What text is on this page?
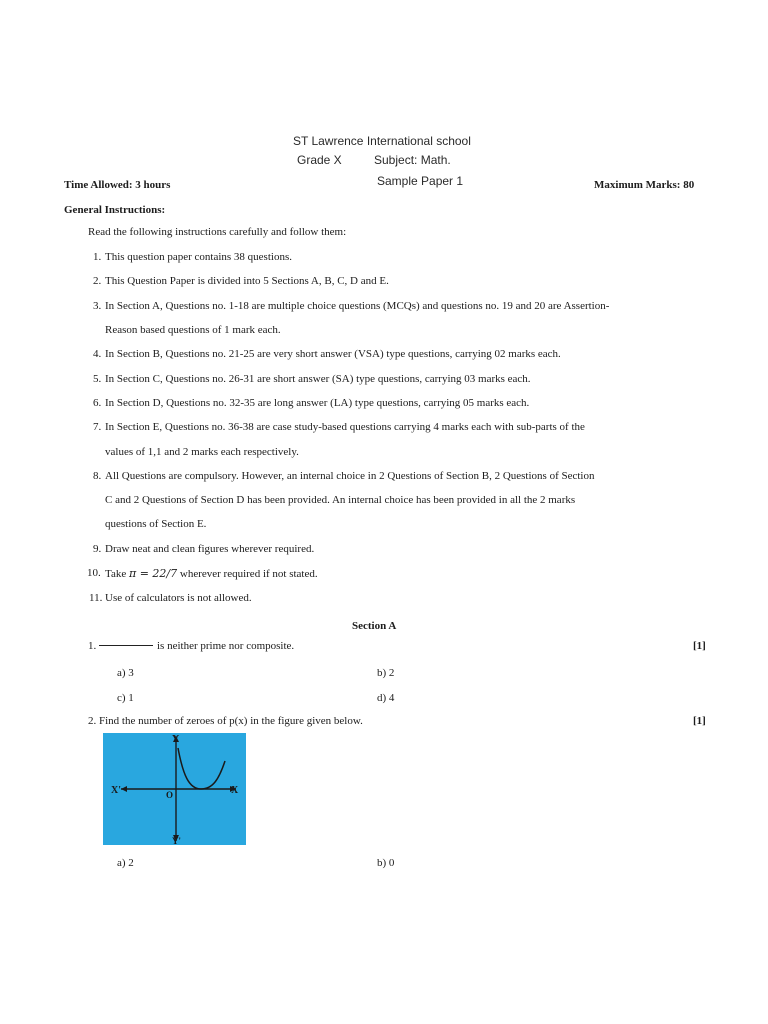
ST Lawrence International school
Grade X	Subject: Math.
Sample Paper 1
Time Allowed: 3 hours	Maximum Marks: 80
General Instructions:
Read the following instructions carefully and follow them:
1. This question paper contains 38 questions.
2. This Question Paper is divided into 5 Sections A, B, C, D and E.
3. In Section A, Questions no. 1-18 are multiple choice questions (MCQs) and questions no. 19 and 20 are Assertion-
Reason based questions of 1 mark each.
4. In Section B, Questions no. 21-25 are very short answer (VSA) type questions, carrying 02 marks each.
5. In Section C, Questions no. 26-31 are short answer (SA) type questions, carrying 03 marks each.
6. In Section D, Questions no. 32-35 are long answer (LA) type questions, carrying 05 marks each.
7. In Section E, Questions no. 36-38 are case study-based questions carrying 4 marks each with sub-parts of the
values of 1,1 and 2 marks each respectively.
8. All Questions are compulsory. However, an internal choice in 2 Questions of Section B, 2 Questions of Section
C and 2 Questions of Section D has been provided. An internal choice has been provided in all the 2 marks
questions of Section E.
9. Draw neat and clean figures wherever required.
10. Take π = 22/7 wherever required if not stated.
11. Use of calculators is not allowed.
Section A
1.	is neither prime nor composite.	[1]
a) 3	b) 2
c) 1	d) 4
2. Find the number of zeroes of p(x) in the figure given below.	[1]
X'	X
Y
Y'
O
a) 2	b) 0
